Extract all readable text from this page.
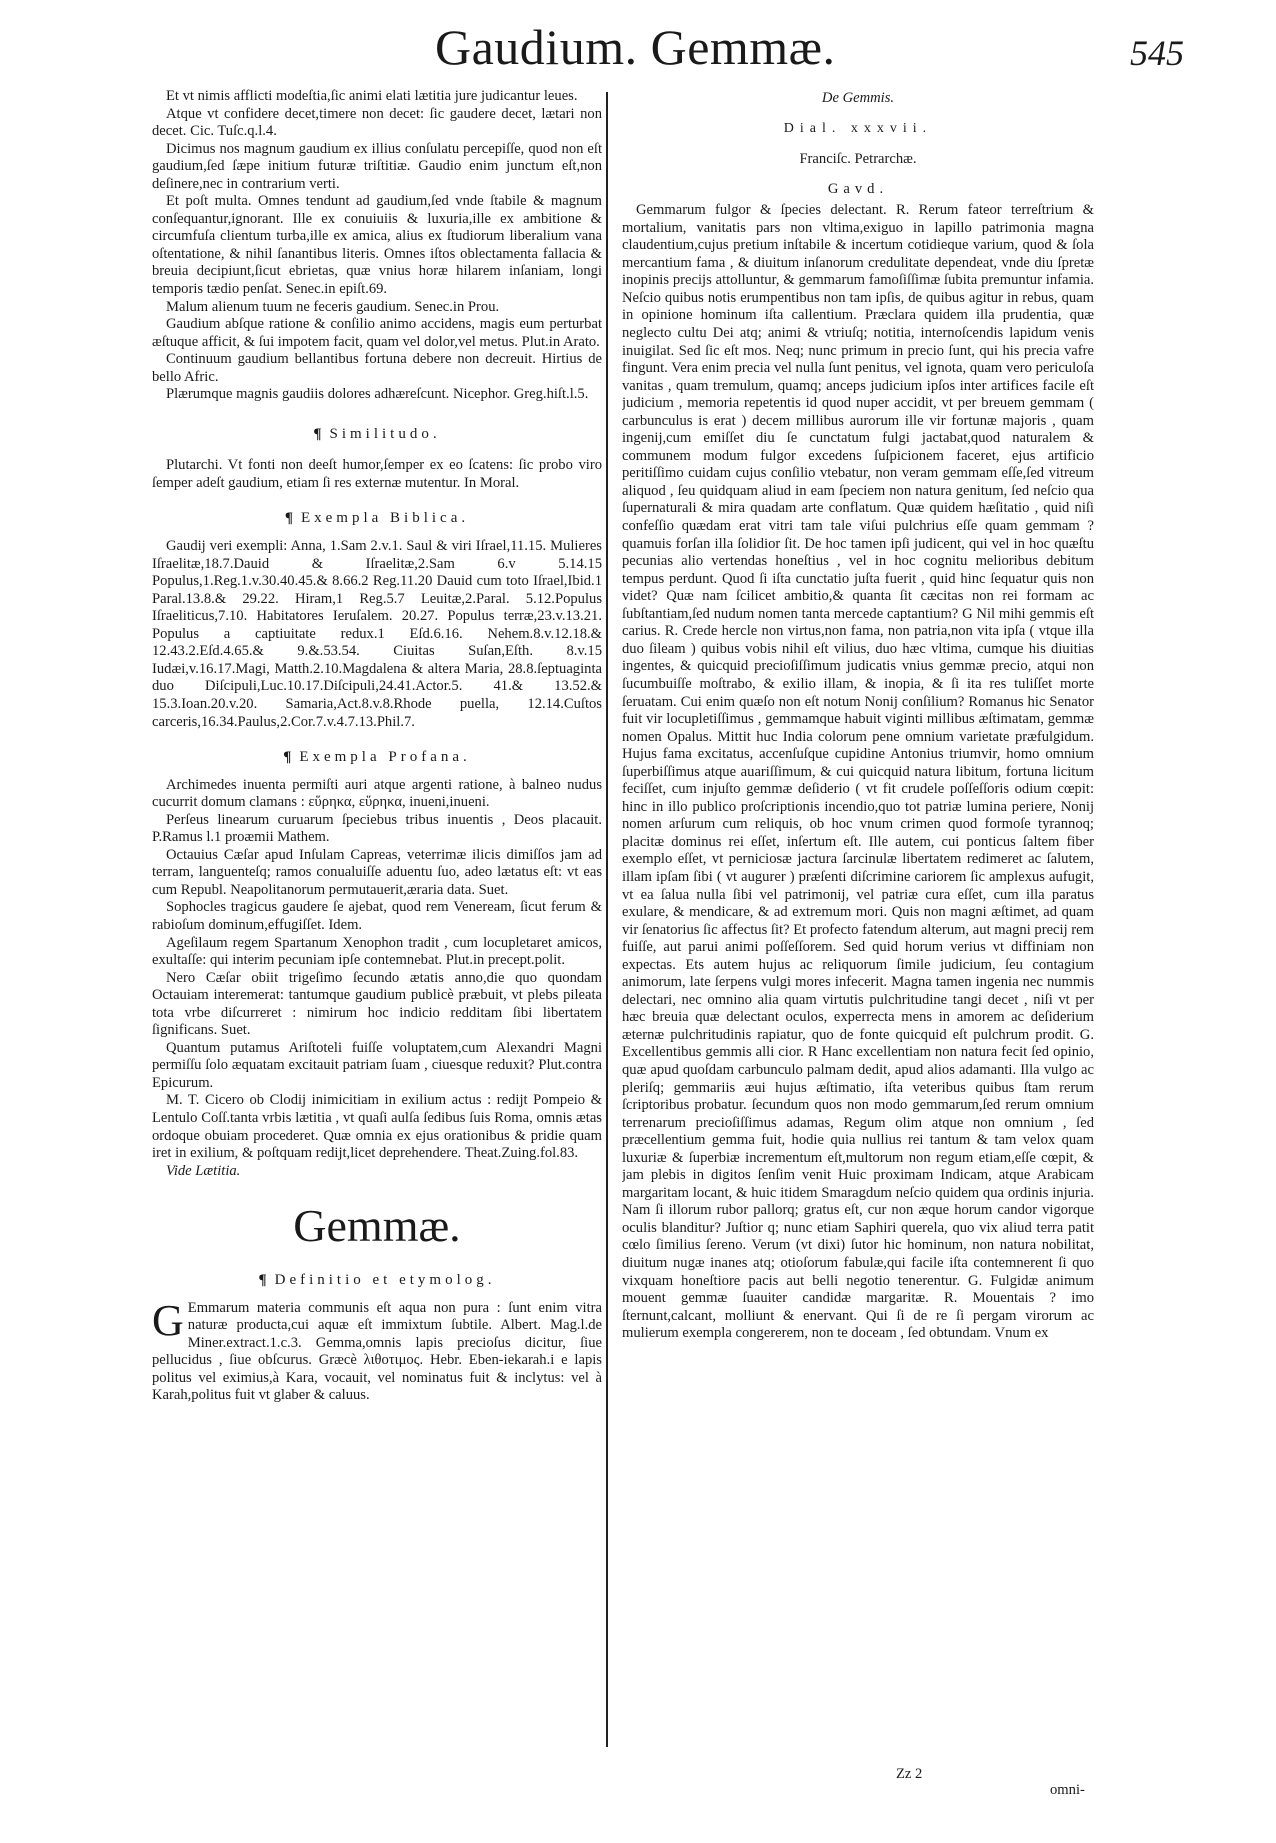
Gaudium. Gemmæ.	545

Et vt nimis afflicti modeſtia,ſic animi elati lætitia jure judicantur leues.

Atque vt confidere decet,timere non decet: ſic gaudere decet, lætari non decet. Cic. Tuſc.q.l.4.

Dicimus nos magnum gaudium ex illius conſulatu percepiſſe, quod non eſt gaudium,ſed ſæpe initium futuræ triſtitiæ. Gaudio enim junctum eſt,non deſinere,nec in contrarium verti.

Et poſt multa. Omnes tendunt ad gaudium,ſed vnde ſtabile & magnum conſequantur,ignorant. Ille ex conuiuiis & luxuria,ille ex ambitione & circumfuſa clientum turba,ille ex amica, alius ex ſtudiorum liberalium vana oſtentatione, & nihil ſanantibus literis. Omnes iſtos oblectamenta fallacia & breuia decipiunt,ſicut ebrietas, quæ vnius horæ hilarem inſaniam, longi temporis tædio penſat. Senec.in epiſt.69.

Malum alienum tuum ne feceris gaudium. Senec.in Prou.

Gaudium abſque ratione & conſilio animo accidens, magis eum perturbat æſtuque afficit, & ſui impotem facit, quam vel dolor,vel metus. Plut.in Arato.

Continuum gaudium bellantibus fortuna debere non decreuit. Hirtius de bello Afric.

Plærumque magnis gaudiis dolores adhæreſcunt. Nicephor. Greg.hiſt.l.5.

¶ Similitudo.

Plutarchi. Vt fonti non deeſt humor,ſemper ex eo ſcatens: ſic probo viro ſemper adeſt gaudium, etiam ſi res externæ mutentur. In Moral.

¶ Exempla Biblica.

Gaudij veri exempli: Anna, 1.Sam 2.v.1. Saul & viri Iſrael,11.15. Mulieres Iſraelitæ,18.7.Dauid & Iſraelitæ,2.Sam 6.v 5.14.15 Populus,1.Reg.1.v.30.40.45.& 8.66.2 Reg.11.20 Dauid cum toto Iſrael,Ibid.1 Paral.13.8.& 29.22. Hiram,1 Reg.5.7 Leuitæ,2.Paral. 5.12.Populus Iſraeliticus,7.10. Habitatores Ieruſalem. 20.27. Populus terræ,23.v.13.21. Populus a captiuitate redux.1 Eſd.6.16. Nehem.8.v.12.18.& 12.43.2.Eſd.4.65.& 9.&.53.54. Ciuitas Suſan,Eſth. 8.v.15 Iudæi,v.16.17.Magi, Matth.2.10.Magdalena & altera Maria, 28.8.ſeptuaginta duo Diſcipuli,Luc.10.17.Diſcipuli,24.41.Actor.5. 41.& 13.52.& 15.3.Ioan.20.v.20. Samaria,Act.8.v.8.Rhode puella, 12.14.Cuſtos carceris,16.34.Paulus,2.Cor.7.v.4.7.13.Phil.7.

¶ Exempla Profana.

Archimedes inuenta permiſti auri atque argenti ratione, à balneo nudus cucurrit domum clamans : εὕρηκα, εὕρηκα, inueni,inueni.

Perſeus linearum curuarum ſpeciebus tribus inuentis , Deos placauit. P.Ramus l.1 proæmii Mathem.

Octauius Cæſar apud Inſulam Capreas, veterrimæ ilicis dimiſſos jam ad terram, languenteſq; ramos conualuiſſe aduentu ſuo, adeo lætatus eſt: vt eas cum Republ. Neapolitanorum permutauerit,æraria data. Suet.

Sophocles tragicus gaudere ſe ajebat, quod rem Veneream, ſicut ferum & rabioſum dominum,effugiſſet. Idem.

Ageſilaum regem Spartanum Xenophon tradit , cum locupletaret amicos, exultaſſe: qui interim pecuniam ipſe contemnebat. Plut.in precept.polit.

Nero Cæſar obiit trigeſimo ſecundo ætatis anno,die quo quondam Octauiam interemerat: tantumque gaudium publicè præbuit, vt plebs pileata tota vrbe diſcurreret : nimirum hoc indicio redditam ſibi libertatem ſignificans. Suet.

Quantum putamus Ariſtoteli fuiſſe voluptatem,cum Alexandri Magni permiſſu ſolo æquatam excitauit patriam ſuam , ciuesque reduxit? Plut.contra Epicurum.

M. T. Cicero ob Clodij inimicitiam in exilium actus : redijt Pompeio & Lentulo Coſſ.tanta vrbis lætitia , vt quaſi aulſa ſedibus ſuis Roma, omnis ætas ordoque obuiam procederet. Quæ omnia ex ejus orationibus & pridie quam iret in exilium, & poſtquam redijt,licet deprehendere. Theat.Zuing.fol.83.

Vide Lætitia.

Gemmæ.
¶ Definitio et etymolog.

G Emmarum materia communis eſt aqua non pura : ſunt enim vitra naturæ producta,cui aquæ eſt immixtum ſubtile. Albert. Mag.l.de Miner.extract.1.c.3. Gemma,omnis lapis precioſus dicitur, ſiue pellucidus , ſiue obſcurus. Græcè λιθοτιμος. Hebr. Eben-iekarah.i e lapis politus vel eximius,à Kara, vocauit, vel nominatus fuit & inclytus: vel à Karah,politus fuit vt glaber & caluus.

De Gemmis.
Dial. xxxvii.
Franciſc. Petrarchæ.
Gavd.

Gemmarum fulgor & ſpecies delectant. R. Rerum fateor terreſtrium & mortalium, vanitatis pars non vltima,exiguo in lapillo patrimonia magna claudentium,cujus pretium inſtabile & incertum cotidieque varium, quod & ſola mercantium fama , & diuitum inſanorum credulitate dependeat, vnde diu ſpretæ inopinis precijs attolluntur, & gemmarum famoſiſſimæ ſubita premuntur infamia. Neſcio quibus notis erumpentibus non tam ipſis, de quibus agitur in rebus, quam in opinione hominum iſta callentium. Præclara quidem illa prudentia, quæ neglecto cultu Dei atq; animi & vtriuſq; notitia, internoſcendis lapidum venis inuigilat. Sed ſic eſt mos. Neq; nunc primum in precio ſunt, qui his precia vafre fingunt. Vera enim precia vel nulla ſunt penitus, vel ignota, quam vero periculoſa vanitas , quam tremulum, quamq; anceps judicium ipſos inter artifices facile eſt judicium , memoria repetentis id quod nuper accidit, vt per breuem gemmam ( carbunculus is erat ) decem millibus aurorum ille vir fortunæ majoris , quam ingenij,cum emiſſet diu ſe cunctatum fulgi jactabat,quod naturalem & communem modum fulgor excedens ſuſpicionem faceret, ejus artificio peritiſſimo cuidam cujus conſilio vtebatur, non veram gemmam eſſe,ſed vitreum aliquod , ſeu quidquam aliud in eam ſpeciem non natura genitum, ſed neſcio qua ſupernaturali & mira quadam arte conflatum. Quæ quidem hæſitatio , quid niſi confeſſio quædam erat vitri tam tale viſui pulchrius eſſe quam gemmam ? quamuis forſan illa ſolidior ſit. De hoc tamen ipſi judicent, qui vel in hoc quæſtu pecunias alio vertendas honeſtius , vel in hoc cognitu melioribus debitum tempus perdunt. Quod ſi iſta cunctatio juſta fuerit , quid hinc ſequatur quis non videt? Quæ nam ſcilicet ambitio,& quanta ſit cæcitas non rei formam ac ſubſtantiam,ſed nudum nomen tanta mercede captantium? G Nil mihi gemmis eſt carius. R. Crede hercle non virtus,non fama, non patria,non vita ipſa ( vtque illa duo ſileam ) quibus vobis nihil eſt vilius, duo hæc vltima, cumque his diuitias ingentes, & quicquid precioſiſſimum judicatis vnius gemmæ precio, atqui non ſucumbuiſſe moſtrabo, & exilio illam, & inopia, & ſi ita res tuliſſet morte ſeruatam. Cui enim quæſo non eſt notum Nonij conſilium? Romanus hic Senator fuit vir locupletiſſimus , gemmamque habuit viginti millibus æſtimatam, gemmæ nomen Opalus. Mittit huc India colorum pene omnium varietate præfulgidum. Hujus fama excitatus, accenſuſque cupidine Antonius triumvir, homo omnium ſuperbiſſimus atque auariſſimum, & cui quicquid natura libitum, fortuna licitum feciſſet, cum injuſto gemmæ deſiderio ( vt fit crudele poſſeſſoris odium cœpit: hinc in illo publico proſcriptionis incendio,quo tot patriæ lumina periere, Nonij nomen arſurum cum reliquis, ob hoc vnum crimen quod formoſe tyrannoq; placitæ dominus rei eſſet, inſertum eſt. Ille autem, cui ponticus ſaltem fiber exemplo eſſet, vt perniciosæ jactura ſarcinulæ libertatem redimeret ac ſalutem, illam ipſam ſibi ( vt augurer ) præſenti diſcrimine cariorem ſic amplexus aufugit, vt ea ſalua nulla ſibi vel patrimonij, vel patriæ cura eſſet, cum illa paratus exulare, & mendicare, & ad extremum mori. Quis non magni æſtimet, ad quam vir ſenatorius ſic affectus ſit? Et profecto fatendum alterum, aut magni precij rem fuiſſe, aut parui animi poſſeſſorem. Sed quid horum verius vt diffiniam non expectas. Ets autem hujus ac reliquorum ſimile judicium, ſeu contagium animorum, late ſerpens vulgi mores infecerit. Magna tamen ingenia nec nummis delectari, nec omnino alia quam virtutis pulchritudine tangi decet , niſi vt per hæc breuia quæ delectant oculos, experrecta mens in amorem ac deſiderium æternæ pulchritudinis rapiatur, quo de fonte quicquid eſt pulchrum prodit. G. Excellentibus gemmis alli cior. R Hanc excellentiam non natura fecit ſed opinio, quæ apud quoſdam carbunculo palmam dedit, apud alios adamanti. Illa vulgo ac pleriſq; gemmariis æui hujus æſtimatio, iſta veteribus quibus ſtam rerum ſcriptoribus probatur. ſecundum quos non modo gemmarum,ſed rerum omnium terrenarum precioſiſſimus adamas, Regum olim atque non omnium , ſed præcellentium gemma fuit, hodie quia nullius rei tantum & tam velox quam luxuriæ & ſuperbiæ incrementum eſt,multorum non regum etiam,eſſe cœpit, & jam plebis in digitos ſenſim venit Huic proximam Indicam, atque Arabicam margaritam locant, & huic itidem Smaragdum neſcio quidem qua ordinis injuria. Nam ſi illorum rubor pallorq; gratus eſt, cur non æque horum candor vigorque oculis blanditur? Juſtior q; nunc etiam Saphiri querela, quo vix aliud terra patit cœlo ſimilius ſereno. Verum (vt dixi) ſutor hic hominum, non natura nobilitat, diuitum nugæ inanes atq; otioſorum fabulæ,qui facile iſta contemnerent ſi quo vixquam honeſtiore pacis aut belli negotio tenerentur. G. Fulgidæ animum mouent gemmæ ſuauiter candidæ margaritæ. R. Mouentais ? imo ſternunt,calcant, molliunt & enervant. Qui ſi de re ſi pergam virorum ac mulierum exempla congererem, non te doceam , ſed obtundam. Vnum ex

Zz 2
omni-
